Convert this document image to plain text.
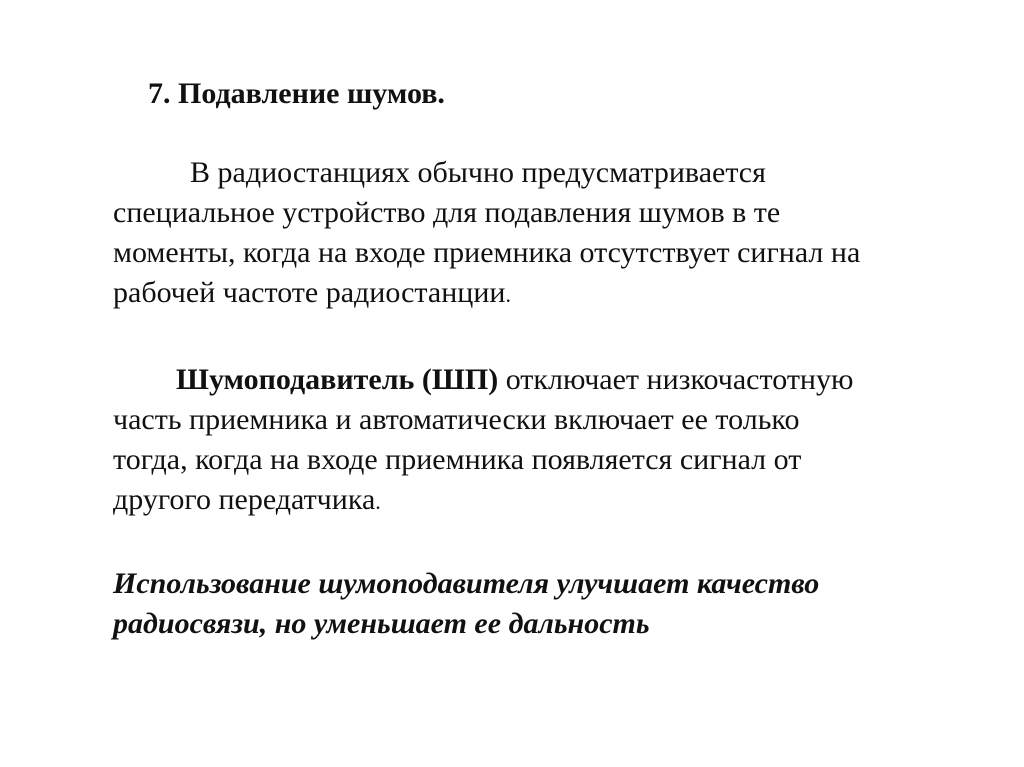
7. Подавление шумов.
В радиостанциях обычно предусматривается
специальное устройство для подавления шумов в те
моменты, когда на входе приемника отсутствует сигнал на
рабочей частоте радиостанции.
Шумоподавитель (ШП) отключает низкочастотную
часть приемника и автоматически включает ее только
тогда, когда на входе приемника появляется сигнал от
другого передатчика.
Использование шумоподавителя улучшает качество
радиосвязи, но уменьшает ее дальность
